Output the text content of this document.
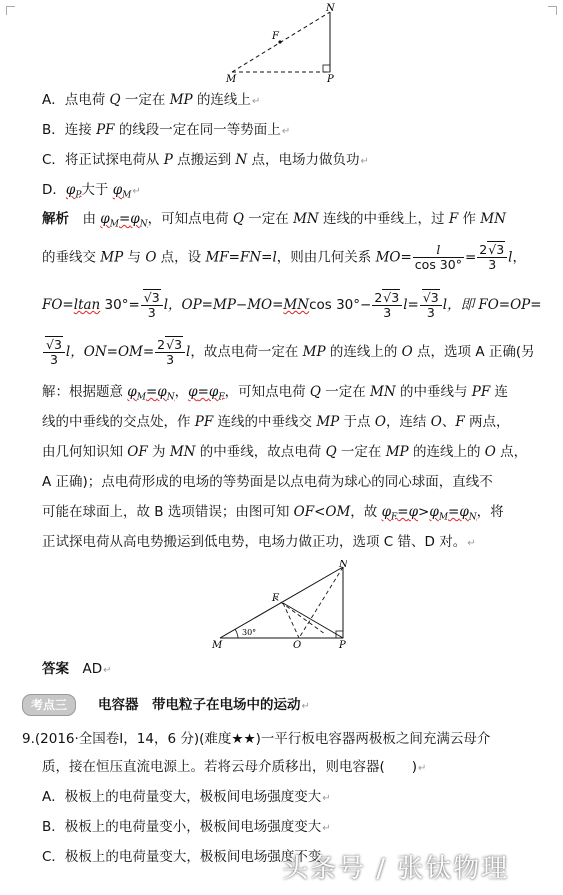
N
F
M	P
A．点电荷 Q 一定在 MP 的连线上↵
B．连接 PF 的线段一定在同一等势面上↵
C．将正试探电荷从 P 点搬运到 N 点，电场力做负功↵
D．$\varphi_P$大于 $\varphi_M↵$
解析　 由 $\varphi_M=\varphi_N$，可知点电荷 Q 一定在 MN 连线的中垂线上，过 F 作 MN
的垂线交 MP 与 O 点，设 MF=FN=l，则由几何关系 $MO= \frac{l}{\cos 30^\circ} = \frac{2 √ 3}{3}$ l，
FO=ltan 30°= √ $\frac{3}{3}$ l，OP=MP−MO=MNcos $30^\circ- \frac{2 √ 3}{3} l=$ √ $\frac{3}{3}$ l，即 FO=OP=
√ $\frac{3}{3}$ l，$ON=OM= \frac{2 √ 3}{3}$ l，故点电荷一定在 MP 的连线上的 O 点，选项 A 正确(另
解：根据题意 $\varphi_M=\varphi_N$，$\varphi=\varphi_F$，可知点电荷 Q 一定在 MN 的中垂线与 PF 连
线的中垂线的交点处，作 PF 连线的中垂线交 MP 于点 O，连结 O、F 两点，
由几何知识知 OF 为 MN 的中垂线，故点电荷 Q 一定在 MP 的连线上的 O 点，
A 正确)；点电荷形成的电场的等势面是以点电荷为球心的同心球面，直线不
可能在球面上，故 B 选项错误；由图可知 OF<OM，故 $\varphi_F=\varphi>\varphi_M=\varphi_N$，将
正试探电荷从高电势搬运到低电势，电场力做正功，选项 C 错、D 对。↵
N
F
M	O	P
30°
答案　 AD↵
考点三 电容器　带电粒子在电场中的运动↵
9.(2016·全国卷Ⅰ，14，6 分)(难度★★)一平行板电容器两极板之间充满云母介
质，接在恒压直流电源上。若将云母介质移出，则电容器(　　)↵
A．极板上的电荷量变大，极板间电场强度变大↵
B．极板上的电荷量变小，极板间电场强度变大↵
C．极板上的电荷量变大，极板间电场强度不变
头条号 / 张钛物理
